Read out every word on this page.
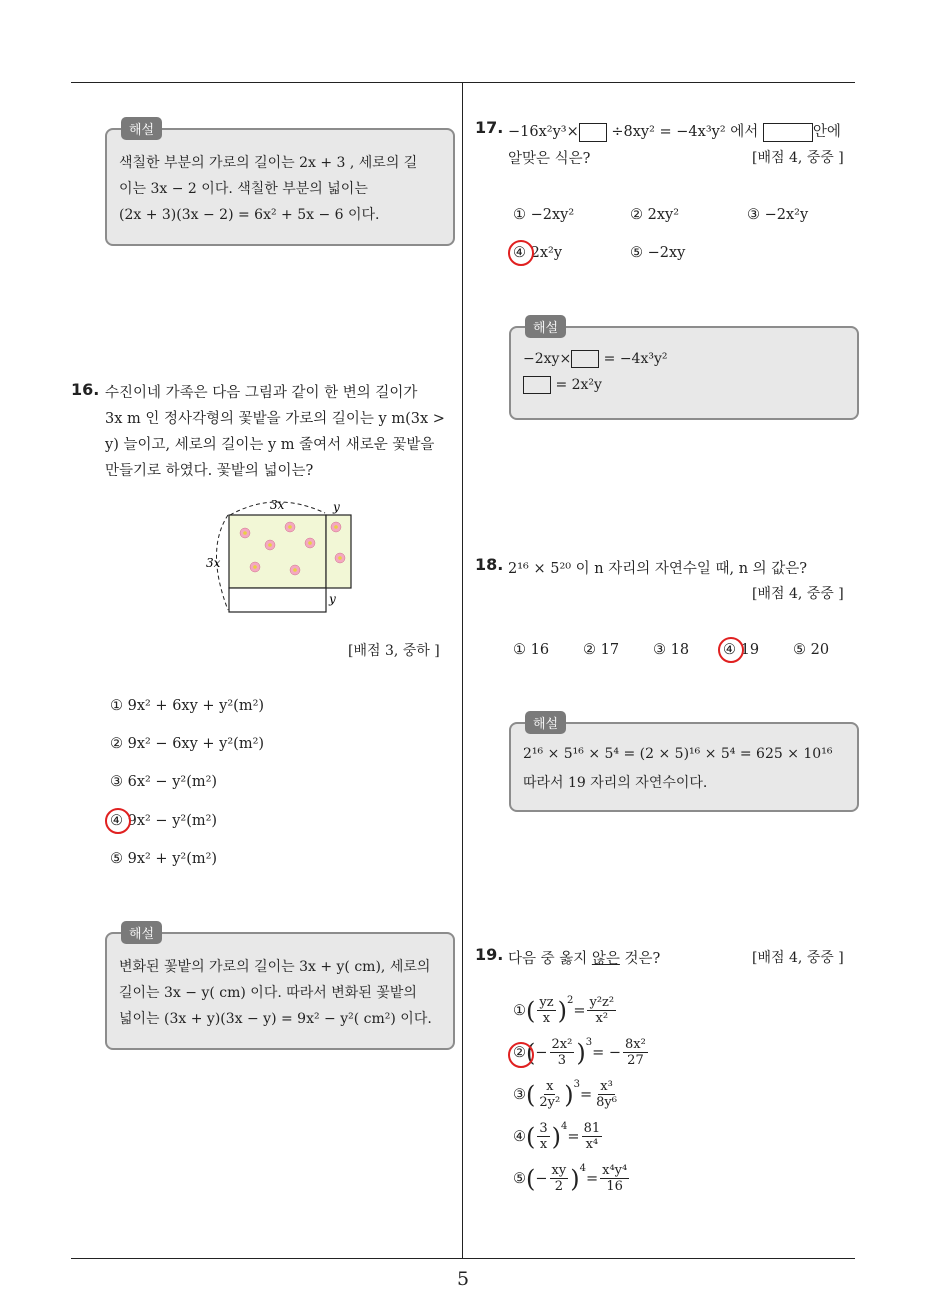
해설
색칠한 부분의 가로의 길이는 2x + 3 , 세로의 길
이는 3x − 2 이다. 색칠한 부분의 넓이는
(2x + 3)(3x − 2) = 6x² + 5x − 6 이다.
16. 수진이네 가족은 다음 그림과 같이 한 변의 길이가
3x m 인 정사각형의 꽃밭을 가로의 길이는 y m(3x >
y) 늘이고, 세로의 길이는 y m 줄여서 새로운 꽃밭을
만들기로 하였다. 꽃밭의 넓이는?
3x
3x
y
y
[배점 3, 중하 ]
① 9x² + 6xy + y²(m²)
② 9x² − 6xy + y²(m²)
③ 6x² − y²(m²)
④ 9x² − y²(m²)
⑤ 9x² + y²(m²)
해설
변화된 꽃밭의 가로의 길이는 3x + y( cm), 세로의
길이는 3x − y( cm) 이다. 따라서 변화된 꽃밭의
넓이는 (3x + y)(3x − y) = 9x² − y²( cm²) 이다.
17. −16x²y³× ÷8xy² = −4x³y² 에서	안에
알맞은 식은?	[배점 4, 중중 ]
① −2xy²	② 2xy²	③ −2x²y
④ 2x²y	⑤ −2xy
해설
−2xy× = −4x³y²
= 2x²y
18. 2¹⁶ × 5²⁰ 이 n 자리의 자연수일 때, n 의 값은?
[배점 4, 중중 ]
① 16 ② 17 ③ 18 ④ 19 ⑤ 20
해설
2¹⁶ × 5¹⁶ × 5⁴ = (2 × 5)¹⁶ × 5⁴ = 625 × 10¹⁶
따라서 19 자리의 자연수이다.
19. 다음 중 옳지 않은 것은?	[배점 4, 중중 ]
① ( $\frac{yz}{x} )^2$
= $\frac{\text{y²z²}}{\text{x²}}$
② ( − $\frac{\text{2x²}}{3} )^3$
= − $\frac{\text{8x²}}{27}$
③ ( $\frac{x}{\text{2y²}} )^3$
= $\frac{\text{x³}}{\text{8y⁶}}$
④ ( $\frac{3}{x} )^4$
= $\frac{81}{\text{x⁴}}$
⑤ ( − $\frac{xy}{2} )^4$
= $\frac{\text{x⁴y⁴}}{16}$
5
